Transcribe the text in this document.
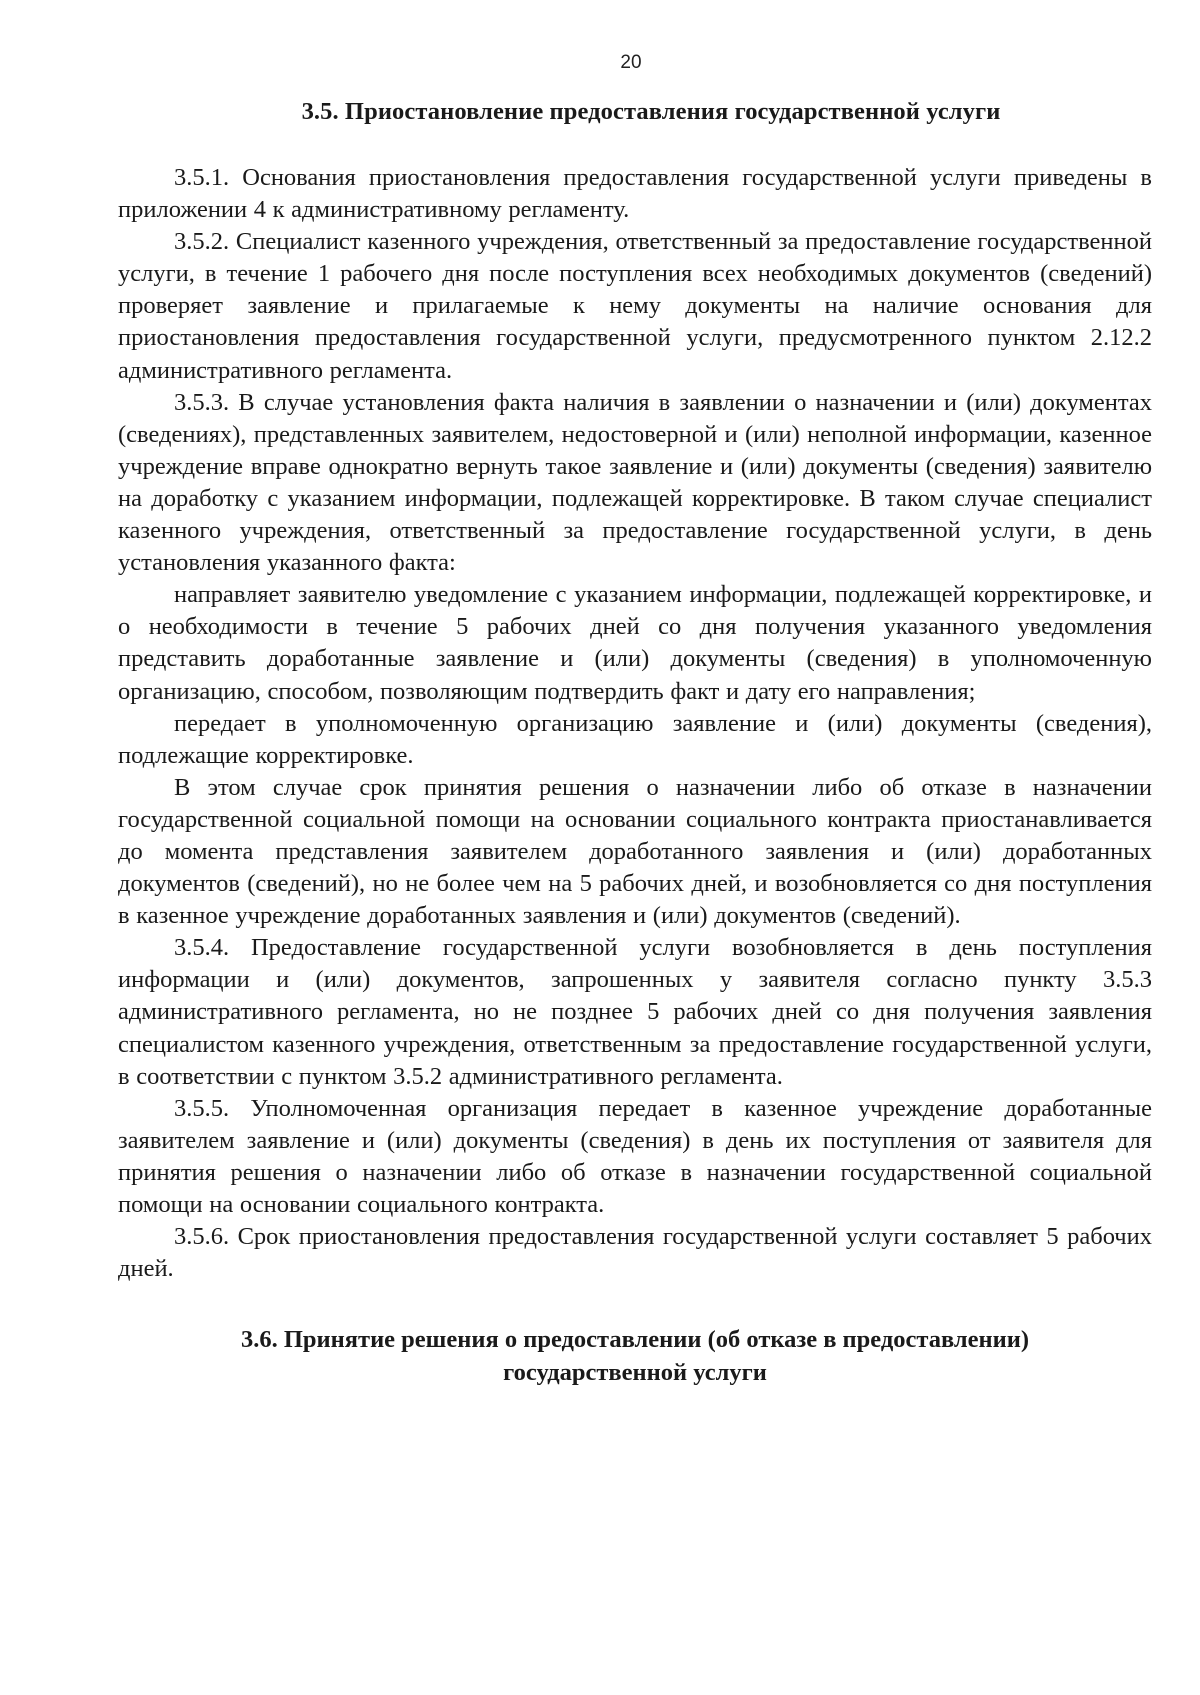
20
3.5. Приостановление предоставления государственной услуги

3.5.1. Основания приостановления предоставления государственной услуги приведены в приложении 4 к административному регламенту.

3.5.2. Специалист казенного учреждения, ответственный за предоставление государственной услуги, в течение 1 рабочего дня после поступления всех необходимых документов (сведений) проверяет заявление и прилагаемые к нему документы на наличие основания для приостановления предоставления государственной услуги, предусмотренного пунктом 2.12.2 административного регламента.

3.5.3. В случае установления факта наличия в заявлении о назначении и (или) документах (сведениях), представленных заявителем, недостоверной и (или) неполной информации, казенное учреждение вправе однократно вернуть такое заявление и (или) документы (сведения) заявителю на доработку с указанием информации, подлежащей корректировке. В таком случае специалист казенного учреждения, ответственный за предоставление государственной услуги, в день установления указанного факта:

направляет заявителю уведомление с указанием информации, подлежащей корректировке, и о необходимости в течение 5 рабочих дней со дня получения указанного уведомления представить доработанные заявление и (или) документы (сведения) в уполномоченную организацию, способом, позволяющим подтвердить факт и дату его направления;

передает в уполномоченную организацию заявление и (или) документы (сведения), подлежащие корректировке.

В этом случае срок принятия решения о назначении либо об отказе в назначении государственной социальной помощи на основании социального контракта приостанавливается до момента представления заявителем доработанного заявления и (или) доработанных документов (сведений), но не более чем на 5 рабочих дней, и возобновляется со дня поступления в казенное учреждение доработанных заявления и (или) документов (сведений).

3.5.4. Предоставление государственной услуги возобновляется в день поступления информации и (или) документов, запрошенных у заявителя согласно пункту 3.5.3 административного регламента, но не позднее 5 рабочих дней со дня получения заявления специалистом казенного учреждения, ответственным за предоставление государственной услуги, в соответствии с пунктом 3.5.2 административного регламента.

3.5.5. Уполномоченная организация передает в казенное учреждение доработанные заявителем заявление и (или) документы (сведения) в день их поступления от заявителя для принятия решения о назначении либо об отказе в назначении государственной социальной помощи на основании социального контракта.

3.5.6. Срок приостановления предоставления государственной услуги составляет 5 рабочих дней.

3.6. Принятие решения о предоставлении (об отказе в предоставлении)
государственной услуги
